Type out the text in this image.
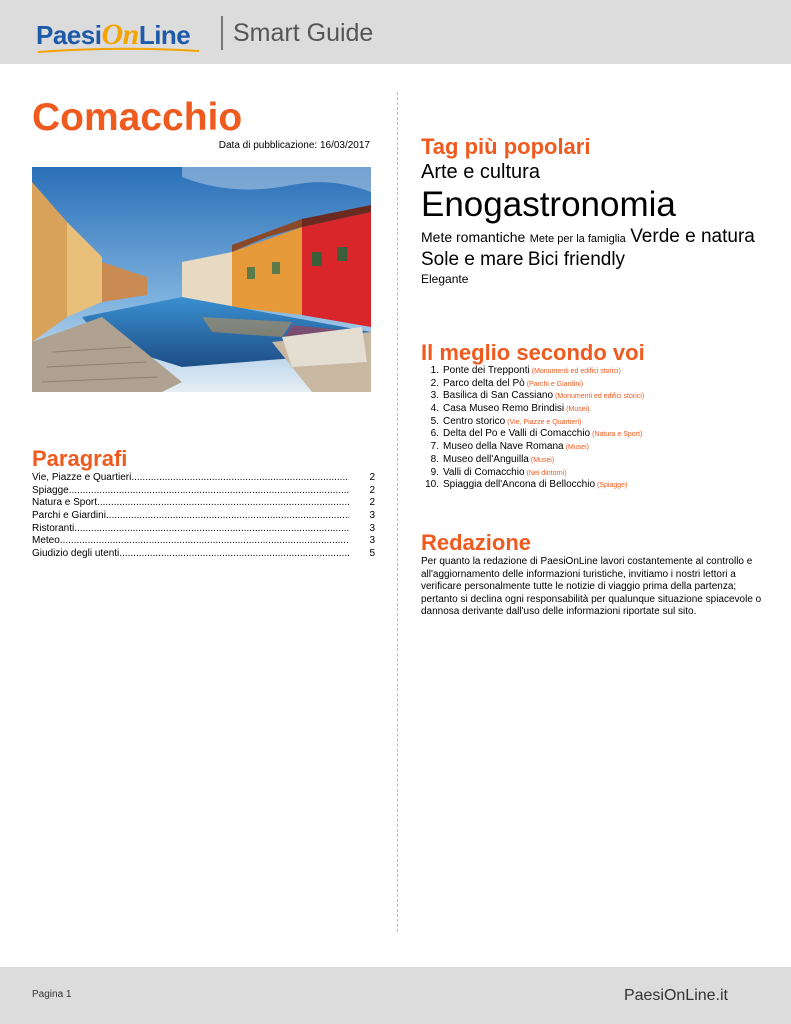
PaesiOnLine Smart Guide
Comacchio
Data di pubblicazione: 16/03/2017
Paragrafi
Vie, Piazze e Quartieri .....	2
Spiagge .....	2
Natura e Sport .....	2
Parchi e Giardini .....	3
Ristoranti .....	3
Meteo .....	3
Giudizio degli utenti .....	5
Tag più popolari
Arte e cultura
Enogastronomia Mete romantiche Mete per la famiglia Verde e natura Sole e mare Bici friendly
Elegante
Il meglio secondo voi
1. Ponte dei Trepponti (Monumenti ed edifici storici)
2. Parco delta del Pò (Parchi e Giardini)
3. Basilica di San Cassiano (Monumenti ed edifici storici)
4. Casa Museo Remo Brindisi (Musei)
5. Centro storico (Vie, Piazze e Quartieri)
6. Delta del Po e Valli di Comacchio (Natura e Sport)
7. Museo della Nave Romana (Musei)
8. Museo dell'Anguilla (Musei)
9. Valli di Comacchio (Nei dintorni)
10. Spiaggia dell'Ancona di Bellocchio (Spiagge)
Redazione

Per quanto la redazione di PaesiOnLine lavori costantemente al controllo e all'aggiornamento delle informazioni turistiche, invitiamo i nostri lettori a verificare personalmente tutte le notizie di viaggio prima della partenza; pertanto si declina ogni responsabilità per qualunque situazione spiacevole o dannosa derivante dall'uso delle informazioni riportate sul sito.

Pagina 1	PaesiOnLine.it
